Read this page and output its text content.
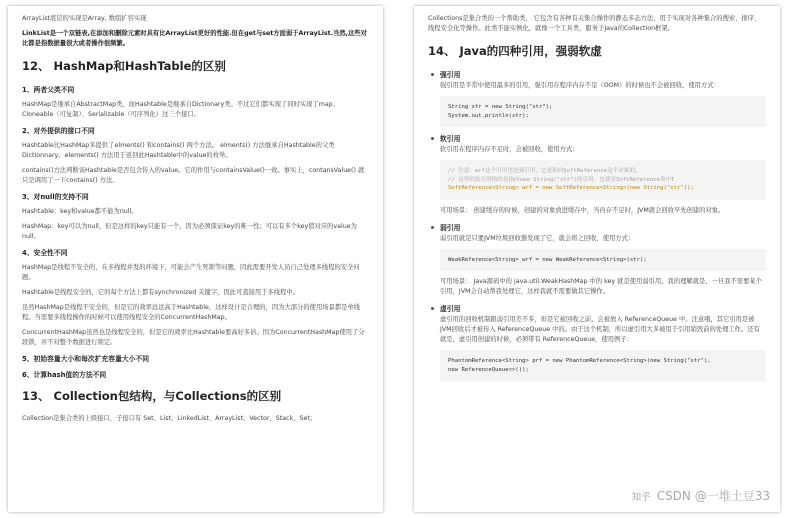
ArrayList底层的实现是Array, 数组扩容实现

LinkList是一个双链表,在添加和删除元素时具有比ArrayList更好的性能.但在get与set方面弱于ArrayList.当然,这些对比都是指数据量很大或者操作很频繁。

12、 HashMap和HashTable的区别
1、两者父类不同

HashMap是继承自AbstractMap类，而Hashtable是继承自Dictionary类。不过它们都实现了同时实现了map、Cloneable（可复制）、Serializable（可序列化）这三个接口。

2、对外提供的接口不同

Hashtable比HashMap多提供了elments() 和contains() 两个方法。 elments() 方法继承自Hashtable的父类Dictionnary。elements() 方法用于返回此Hashtable中的value的枚举。

contains()方法判断该Hashtable是否包含传入的value。它的作用与containsValue()一致。事实上，contansValue() 就只是调用了一下contains() 方法。

3、对null的支持不同

Hashtable：key和value都不能为null。

HashMap：key可以为null，但是这样的key只能有一个，因为必须保证key的唯一性；可以有多个key值对应的value为null。

4、安全性不同

HashMap是线程不安全的，在多线程并发的环境下，可能会产生死锁等问题，因此需要开发人员自己处理多线程的安全问题。

Hashtable是线程安全的，它的每个方法上都有synchronized 关键字，因此可直接用于多线程中。

虽然HashMap是线程不安全的，但是它的效率远远高于Hashtable，这样设计是合理的，因为大部分的使用场景都是单线程。当需要多线程操作的时候可以使用线程安全的ConcurrentHashMap。

ConcurrentHashMap虽然也是线程安全的，但是它的效率比Hashtable要高好多倍。因为ConcurrentHashMap使用了分段锁，并不对整个数据进行锁定。

5、初始容量大小和每次扩充容量大小不同
6、计算hash值的方法不同
13、 Collection包结构，与Collections的区别

Collection是集合类的上级接口，子接口有 Set、List、LinkedList、ArrayList、Vector、Stack、Set；

Collections是集合类的一个帮助类， 它包含有各种有关集合操作的静态多态方法，用于实现对各种集合的搜索、排序、线程安全化等操作。此类不能实例化，就像一个工具类，服务于Java的Collection框架。

14、 Java的四种引用，强弱软虚
强引用

强引用是平常中使用最多的引用，强引用在程序内存不足（OOM）的时候也不会被回收，使用方式：

String str = new String("str");
System.out.println(str);
软引用

软引用在程序内存不足时，会被回收，使用方式：

// 注意：wrf这个引用也是强引用，它是指向SoftReference这个对象的，
// 这里的软引用指的是指向new String("str")的引用，也就是SoftReference类中T
SoftReference<String> wrf = new SoftReference<String>(new String("str"));

可用场景： 创建缓存的时候，创建的对象放进缓存中，当内存不足时，JVM就会回收早先创建的对象。

弱引用

弱引用就是只要JVM垃圾回收器发现了它，就会将之回收，使用方式：

WeakReference<String> wrf = new WeakReference<String>(str);

可用场景： Java源码中的 java.util.WeakHashMap 中的 key 就是使用弱引用，我的理解就是，一旦我不需要某个引用，JVM会自动帮我处理它，这样我就不需要做其它操作。

虚引用

虚引用的回收机制跟弱引用差不多，但是它被回收之前，会被放入 ReferenceQueue 中。注意哦，其它引用是被JVM回收后才被传入 ReferenceQueue 中的。由于这个机制，所以虚引用大多被用于引用销毁前的处理工作。还有就是，虚引用创建的时候，必须带有 ReferenceQueue，使用例子：

PhantomReference<String> prf = new PhantomReference<String>(new String("str"),
new ReferenceQueue<>());
知乎 CSDN @一堆土豆33
